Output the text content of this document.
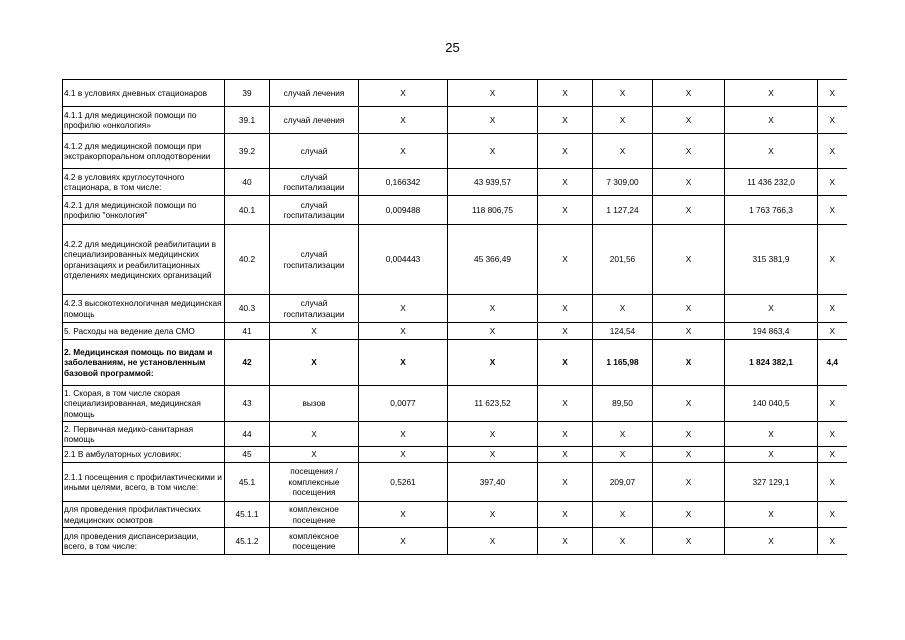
25
4.1 в условиях дневных стационаров	39	случай лечения	Х	Х	Х	Х	Х	Х	Х
4.1.1 для медицинской помощи по профилю «онкология»	39.1	случай лечения	Х	Х	Х	Х	Х	Х	Х
4.1.2 для медицинской помощи при экстракорпоральном оплодотворении	39.2	случай	Х	Х	Х	Х	Х	Х	Х
4.2 в условиях круглосуточного стационара, в том числе:	40	случай госпитализации	0,166342	43 939,57	Х	7 309,00	Х	11 436 232,0	Х
4.2.1 для медицинской помощи по профилю "онкология"	40.1	случай госпитализации	0,009488	118 806,75	Х	1 127,24	Х	1 763 766,3	Х
4.2.2 для медицинской реабилитации в специализированных медицинских организациях и реабилитационных отделениях медицинских организаций	40.2	случай госпитализации	0,004443	45 366,49	Х	201,56	Х	315 381,9	Х
4.2.3 высокотехнологичная медицинская помощь	40.3	случай госпитализации	Х	Х	Х	Х	Х	Х	Х
5. Расходы на ведение дела СМО	41	Х	Х	Х	Х	124,54	Х	194 863,4	Х
2. Медицинская помощь по видам и заболеваниям, не установленным базовой программой:	42	Х	Х	Х	Х	1 165,98	Х	1 824 382,1	4,4
1. Скорая, в том числе скорая специализированная, медицинская помощь	43	вызов	0,0077	11 623,52	Х	89,50	Х	140 040,5	Х
2. Первичная медико-санитарная помощь	44	Х	Х	Х	Х	Х	Х	Х	Х
2.1 В амбулаторных условиях:	45	Х	Х	Х	Х	Х	Х	Х	Х
2.1.1 посещения с профилактическими и иными целями, всего, в том числе:	45.1	посещения / комплексные посещения	0,5261	397,40	Х	209,07	Х	327 129,1	Х
для проведения профилактических медицинских осмотров	45.1.1	комплексное посещение	Х	Х	Х	Х	Х	Х	Х
для проведения диспансеризации, всего, в том числе:	45.1.2	комплексное посещение	Х	Х	Х	Х	Х	Х	Х
